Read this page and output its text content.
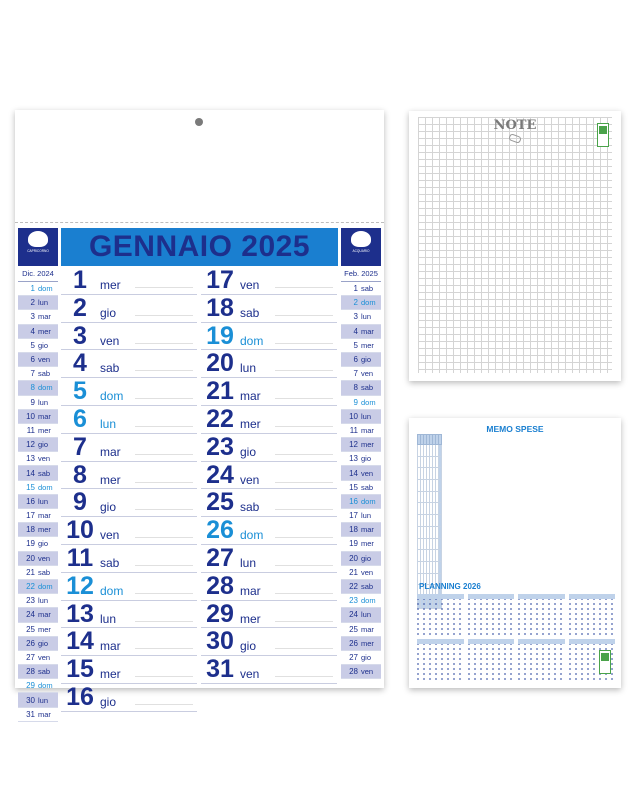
CAPRICORNO	GENNAIO 2025	ACQUARIO
Dic. 2024
1 dom
2 lun
3 mar
4 mer
5 gio
6 ven
7 sab
8 dom
9 lun
10 mar
11 mer
12 gio
13 ven
14 sab
15 dom
16 lun
17 mar
18 mer
19 gio
20 ven
21 sab
22 dom
23 lun
24 mar
25 mer
26 gio
27 ven
28 sab
29 dom
30 lun
31 mar
Feb. 2025
1 sab
2 dom
3 lun
4 mar
5 mer
6 gio
7 ven
8 sab
9 dom
10 lun
11 mar
12 mer
13 gio
14 ven
15 sab
16 dom
17 lun
18 mar
19 mer
20 gio
21 ven
22 sab
23 dom
24 lun
25 mar
26 mer
27 gio
28 ven
1	mer
2	gio
3	ven
4	sab
5	dom
6	lun
7	mar
8	mer
9	gio
10 ven
11 sab
12 dom
13 lun
14 mar
15 mer
16 gio
17 ven
18 sab
19 dom
20 lun
21 mar
22 mer
23 gio
24 ven
25 sab
26 dom
27 lun
28 mar
29 mer
30 gio
31 ven
NOTE
MEMO SPESE

PLANNING 2026
